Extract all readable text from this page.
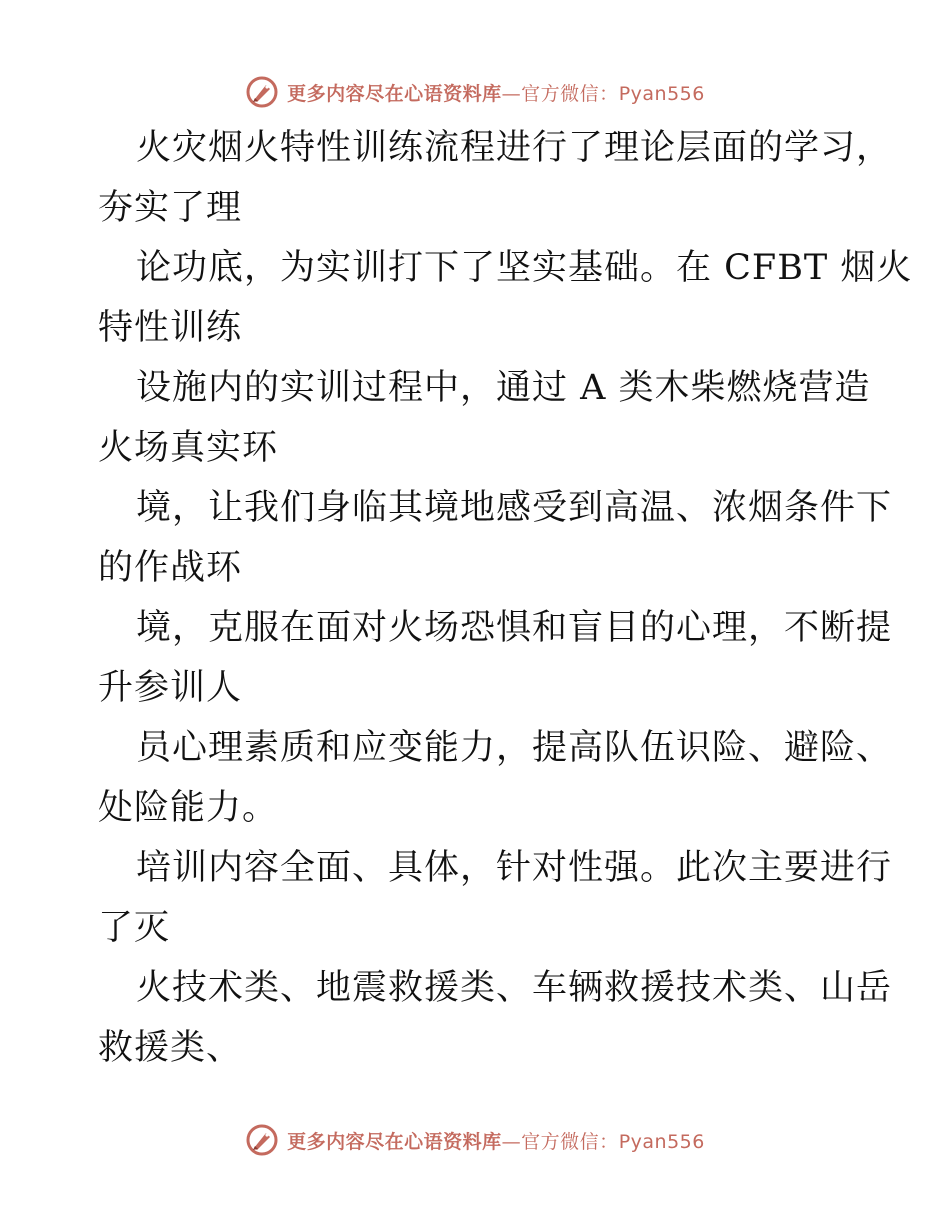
更多内容尽在心语资料库—官方微信：Pyan556
火灾烟火特性训练流程进行了理论层面的学习，
夯实了理
论功底，为实训打下了坚实基础。在 CFBT 烟火
特性训练
设施内的实训过程中，通过 A 类木柴燃烧营造
火场真实环
境，让我们身临其境地感受到高温、浓烟条件下
的作战环
境，克服在面对火场恐惧和盲目的心理，不断提
升参训人
员心理素质和应变能力，提高队伍识险、避险、
处险能力。
培训内容全面、具体，针对性强。此次主要进行
了灭
火技术类、地震救援类、车辆救援技术类、山岳
救援类、
更多内容尽在心语资料库—官方微信：Pyan556
